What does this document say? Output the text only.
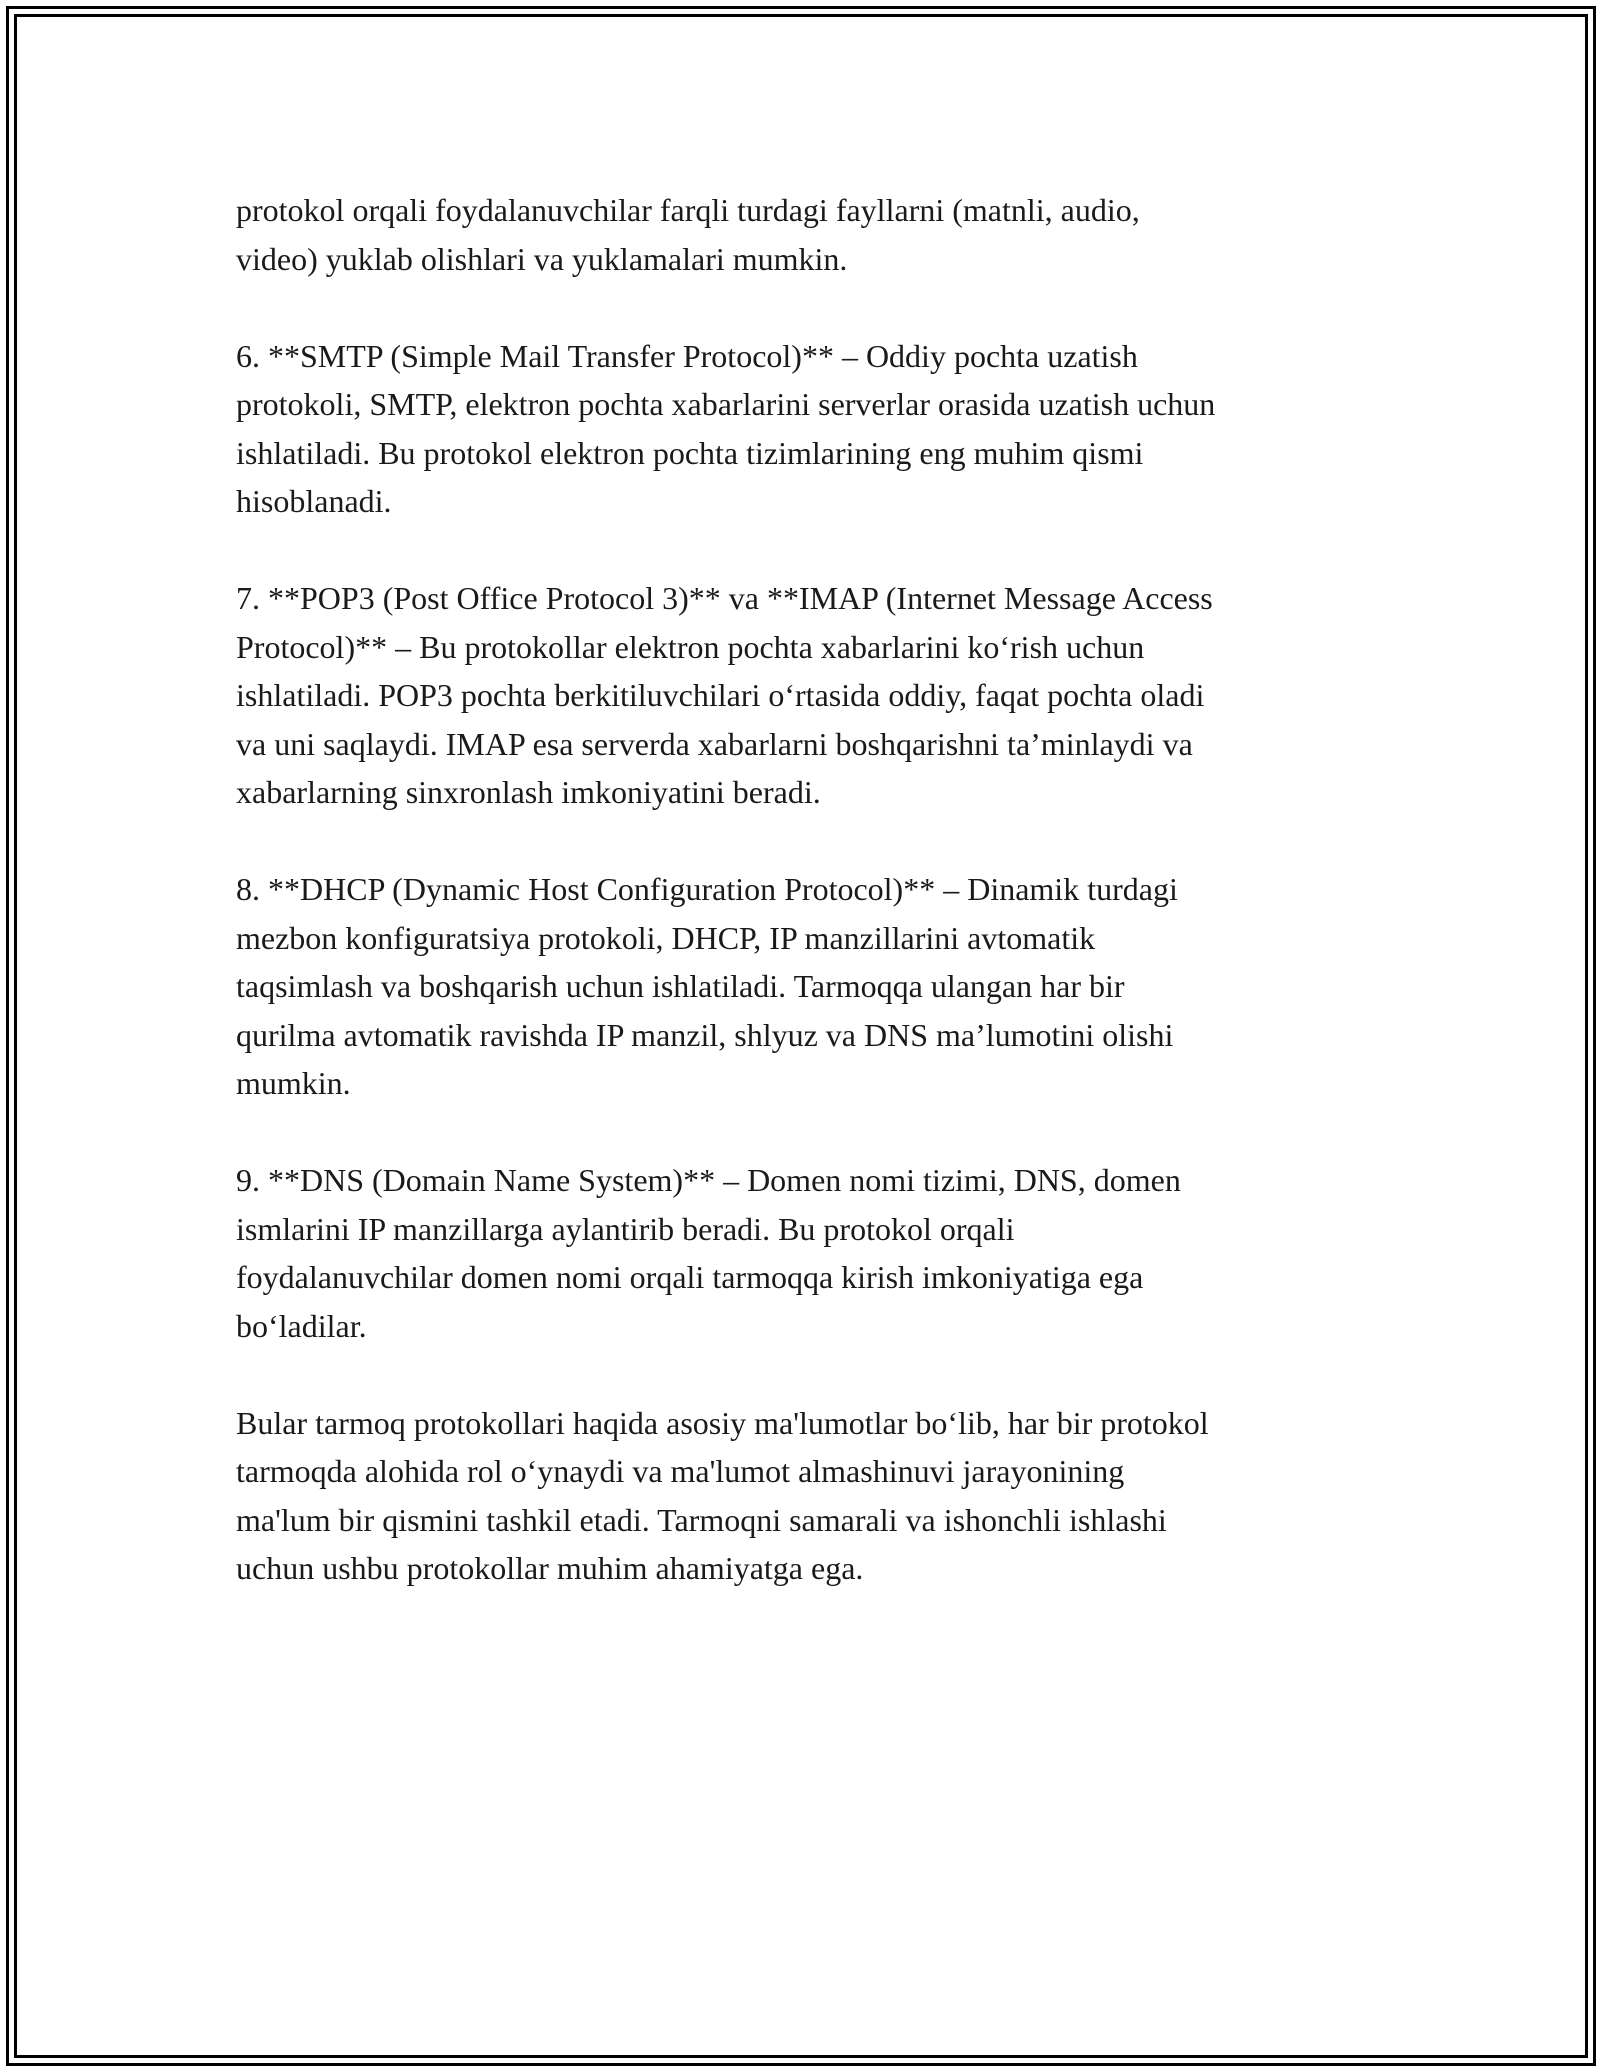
protokol orqali foydalanuvchilar farqli turdagi fayllarni (matnli, audio,
video) yuklab olishlari va yuklamalari mumkin.

6. **SMTP (Simple Mail Transfer Protocol)** – Oddiy pochta uzatish
protokoli, SMTP, elektron pochta xabarlarini serverlar orasida uzatish uchun
ishlatiladi. Bu protokol elektron pochta tizimlarining eng muhim qismi
hisoblanadi.

7. **POP3 (Post Office Protocol 3)** va **IMAP (Internet Message Access
Protocol)** – Bu protokollar elektron pochta xabarlarini koʻrish uchun
ishlatiladi. POP3 pochta berkitiluvchilari oʻrtasida oddiy, faqat pochta oladi
va uni saqlaydi. IMAP esa serverda xabarlarni boshqarishni ta’minlaydi va
xabarlarning sinxronlash imkoniyatini beradi.

8. **DHCP (Dynamic Host Configuration Protocol)** – Dinamik turdagi
mezbon konfiguratsiya protokoli, DHCP, IP manzillarini avtomatik
taqsimlash va boshqarish uchun ishlatiladi. Tarmoqqa ulangan har bir
qurilma avtomatik ravishda IP manzil, shlyuz va DNS ma’lumotini olishi
mumkin.

9. **DNS (Domain Name System)** – Domen nomi tizimi, DNS, domen
ismlarini IP manzillarga aylantirib beradi. Bu protokol orqali
foydalanuvchilar domen nomi orqali tarmoqqa kirish imkoniyatiga ega
boʻladilar.

Bular tarmoq protokollari haqida asosiy ma'lumotlar boʻlib, har bir protokol
tarmoqda alohida rol oʻynaydi va ma'lumot almashinuvi jarayonining
ma'lum bir qismini tashkil etadi. Tarmoqni samarali va ishonchli ishlashi
uchun ushbu protokollar muhim ahamiyatga ega.
